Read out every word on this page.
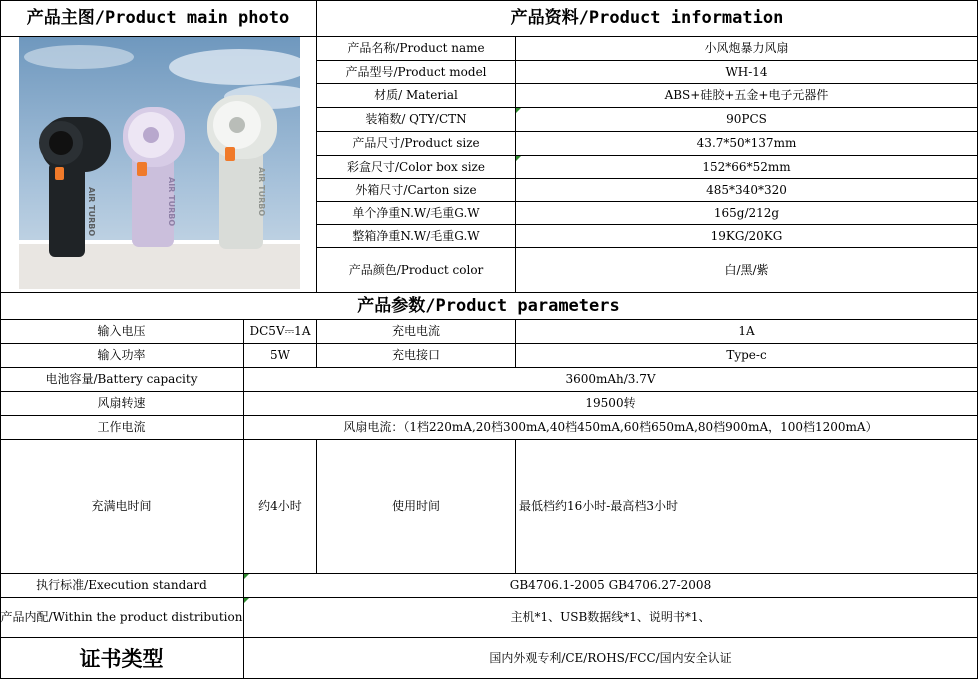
产品主图/Product main photo	产品资料/Product information
AIR TURBO	AIR TURBO	AIR TURBO
产品名称/Product name	小风炮暴力风扇
产品型号/Product model	WH-14
材质/ Material	ABS+硅胶+五金+电子元器件
装箱数/ QTY/CTN	90PCS
产品尺寸/Product size	43.7*50*137mm
彩盒尺寸/Color box size	152*66*52mm
外箱尺寸/Carton size	485*340*320
单个净重N.W/毛重G.W	165g/212g
整箱净重N.W/毛重G.W	19KG/20KG
产品颜色/Product color	白/黑/紫
产品参数/Product parameters
输入电压	DC5V⎓1A	充电电流	1A
输入功率	5W	充电接口	Type-c
电池容量/Battery capacity	3600mAh/3.7V
风扇转速	19500转
工作电流	风扇电流：（1档220mA,20档300mA,40档450mA,60档650mA,80档900mA，100档1200mA）
充满电时间	约4小时	使用时间	最低档约16小时-最高档3小时
执行标准/Execution standard	GB4706.1-2005 GB4706.27-2008
产品内配/Within the product distribution	主机*1、USB数据线*1、说明书*1、
证书类型	国内外观专利/CE/ROHS/FCC/国内安全认证
